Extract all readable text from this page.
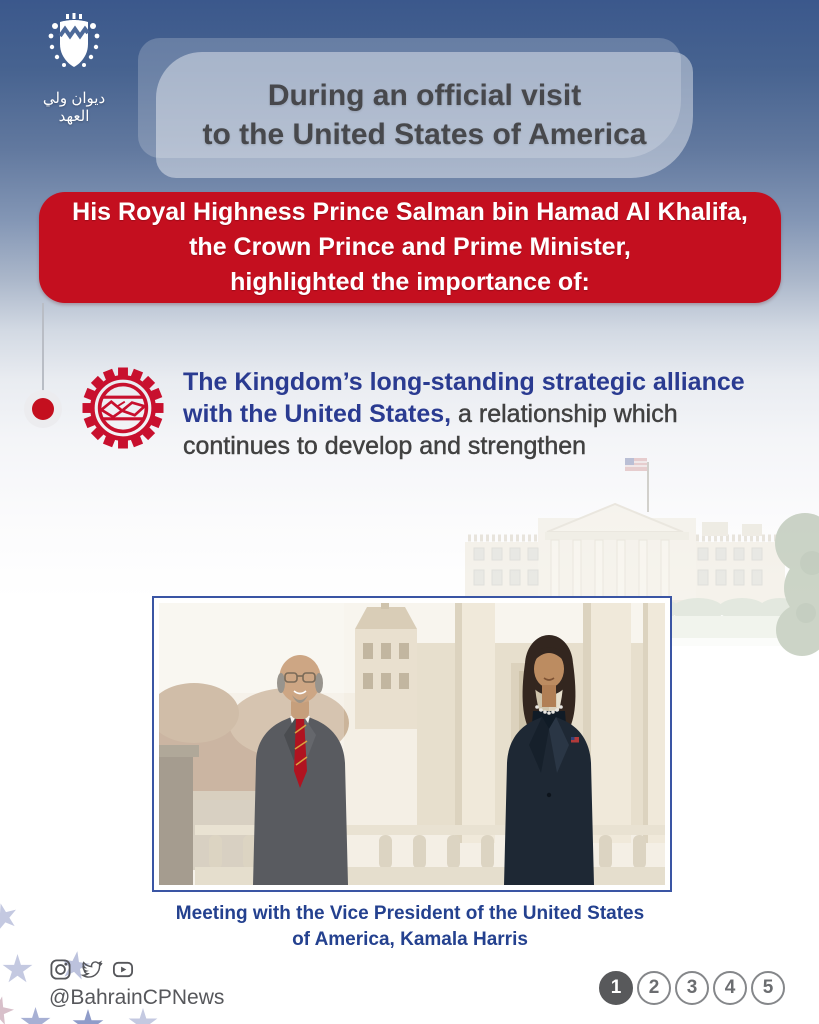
ديوان ولي العهد
During an official visit
to the United States of America
His Royal Highness Prince Salman bin Hamad Al Khalifa,
the Crown Prince and Prime Minister,
highlighted the importance of:
The Kingdom’s long-standing strategic alliance
with the United States, a relationship which
continues to develop and strengthen
Meeting with the Vice President of the United States
of America, Kamala Harris
@BahrainCPNews	1	2	3	4	5
